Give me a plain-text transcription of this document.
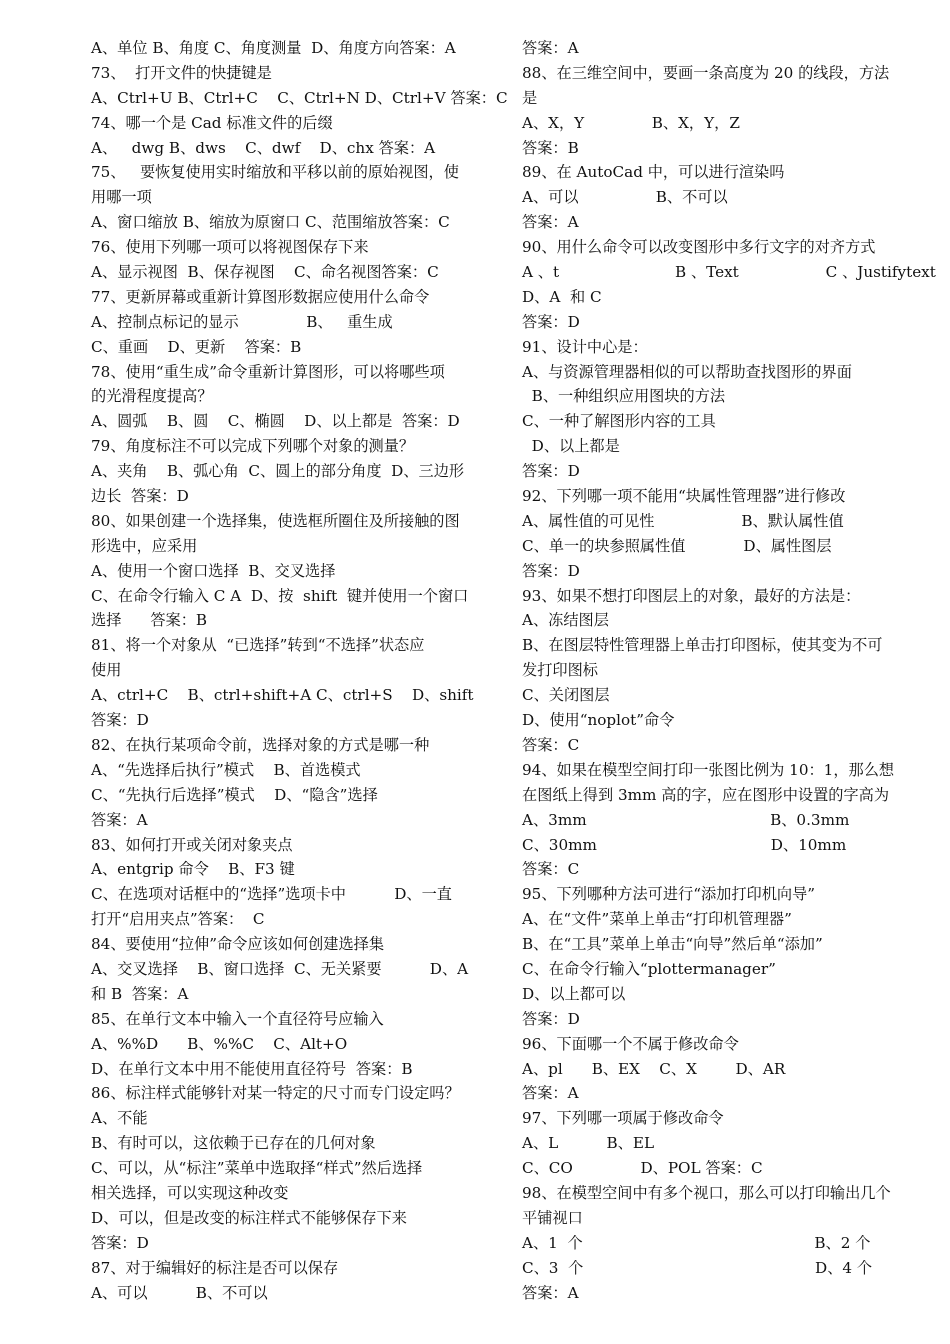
A、单位 B、角度 C、角度测量  D、角度方向答案：A
73、  打开文件的快捷键是
A、Ctrl+U B、Ctrl+C    C、Ctrl+N D、Ctrl+V 答案：C
74、哪一个是 Cad 标准文件的后缀
A、   dwg B、dws    C、dwf    D、chx 答案：A
75、   要恢复使用实时缩放和平移以前的原始视图，使
用哪一项
A、窗口缩放 B、缩放为原窗口 C、范围缩放答案：C
76、使用下列哪一项可以将视图保存下来
A、显示视图  B、保存视图    C、命名视图答案：C
77、更新屏幕或重新计算图形数据应使用什么命令
A、控制点标记的显示              B、   重生成
C、重画    D、更新    答案：B
78、使用“重生成”命令重新计算图形，可以将哪些项
的光滑程度提高？
A、圆弧    B、圆    C、椭圆    D、以上都是  答案：D
79、角度标注不可以完成下列哪个对象的测量？
A、夹角    B、弧心角  C、圆上的部分角度  D、三边形
边长  答案：D
80、如果创建一个选择集，使选框所圈住及所接触的图
形选中，应采用
A、使用一个窗口选择  B、交叉选择
C、在命令行输入 C A  D、按  shift  键并使用一个窗口
选择      答案：B
81、将一个对象从  “已选择”转到“不选择”状态应
使用
A、ctrl+C    B、ctrl+shift+A C、ctrl+S    D、shift
答案：D
82、在执行某项命令前，选择对象的方式是哪一种
A、“先选择后执行”模式    B、首选模式
C、“先执行后选择”模式    D、“隐含”选择
答案：A
83、如何打开或关闭对象夹点
A、entgrip 命令    B、F3 键
C、在选项对话框中的“选择”选项卡中          D、一直
打开“启用夹点”答案：  C
84、要使用“拉伸”命令应该如何创建选择集
A、交叉选择    B、窗口选择  C、无关紧要          D、A
和 B  答案：A
85、在单行文本中输入一个直径符号应输入
A、%%D      B、%%C    C、Alt+O
D、在单行文本中用不能使用直径符号  答案：B
86、标注样式能够针对某一特定的尺寸而专门设定吗？
A、不能
B、有时可以，这依赖于已存在的几何对象
C、可以，从“标注”菜单中选取择“样式”然后选择
相关选择，可以实现这种改变
D、可以，但是改变的标注样式不能够保存下来
答案：D
87、对于编辑好的标注是否可以保存
A、可以          B、不可以
答案：A
88、在三维空间中，要画一条高度为 20 的线段，方法
是
A、X，Y              B、X，Y，Z
答案：B
89、在 AutoCad 中，可以进行渲染吗
A、可以                B、不可以
答案：A
90、用什么命令可以改变图形中多行文字的对齐方式
A 、t                        B 、Text                  C 、Justifytext
D、A  和 C
答案：D
91、设计中心是：
A、与资源管理器相似的可以帮助查找图形的界面
B、一种组织应用图块的方法
C、一种了解图形内容的工具
D、以上都是
答案：D
92、下列哪一项不能用“块属性管理器”进行修改
A、属性值的可见性                  B、默认属性值
C、单一的块参照属性值            D、属性图层
答案：D
93、如果不想打印图层上的对象，最好的方法是：
A、冻结图层
B、在图层特性管理器上单击打印图标，使其变为不可
发打印图标
C、关闭图层
D、使用“noplot”命令
答案：C
94、如果在模型空间打印一张图比例为 10：1，那么想
在图纸上得到 3mm 高的字，应在图形中设置的字高为
A、3mm                                      B、0.3mm
C、30mm                                    D、10mm
答案：C
95、下列哪种方法可进行“添加打印机向导”
A、在“文件”菜单上单击“打印机管理器”
B、在“工具”菜单上单击“向导”然后单“添加”
C、在命令行输入“plottermanager”
D、以上都可以
答案：D
96、下面哪一个不属于修改命令
A、pl      B、EX    C、X        D、AR
答案：A
97、下列哪一项属于修改命令
A、L          B、EL
C、CO              D、POL 答案：C
98、在模型空间中有多个视口，那么可以打印输出几个
平铺视口
A、1  个                                                B、2 个
C、3  个                                                D、4 个
答案：A
